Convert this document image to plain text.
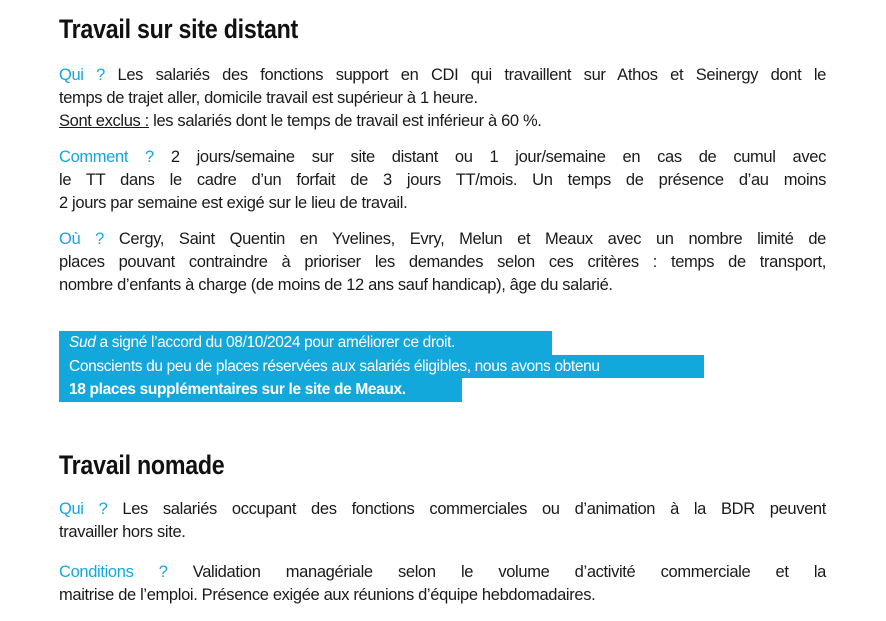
Travail sur site distant
Qui ? Les salariés des fonctions support en CDI qui travaillent sur Athos et Seinergy dont le
temps de trajet aller, domicile travail est supérieur à 1 heure.
Sont exclus : les salariés dont le temps de travail est inférieur à 60 %.
Comment ? 2 jours/semaine sur site distant ou 1 jour/semaine en cas de cumul avec
le TT dans le cadre d’un forfait de 3 jours TT/mois. Un temps de présence d’au moins
2 jours par semaine est exigé sur le lieu de travail.
Où ? Cergy, Saint Quentin en Yvelines, Evry, Melun et Meaux avec un nombre limité de
places pouvant contraindre à prioriser les demandes selon ces critères : temps de transport,
nombre d’enfants à charge (de moins de 12 ans sauf handicap), âge du salarié.
Sud a signé l’accord du 08/10/2024 pour améliorer ce droit.
Conscients du peu de places réservées aux salariés éligibles, nous avons obtenu
18 places supplémentaires sur le site de Meaux.
Travail nomade
Qui ? Les salariés occupant des fonctions commerciales ou d’animation à la BDR peuvent
travailler hors site.
Conditions ? Validation managériale selon le volume d’activité commerciale et la
maitrise de l’emploi. Présence exigée aux réunions d’équipe hebdomadaires.
